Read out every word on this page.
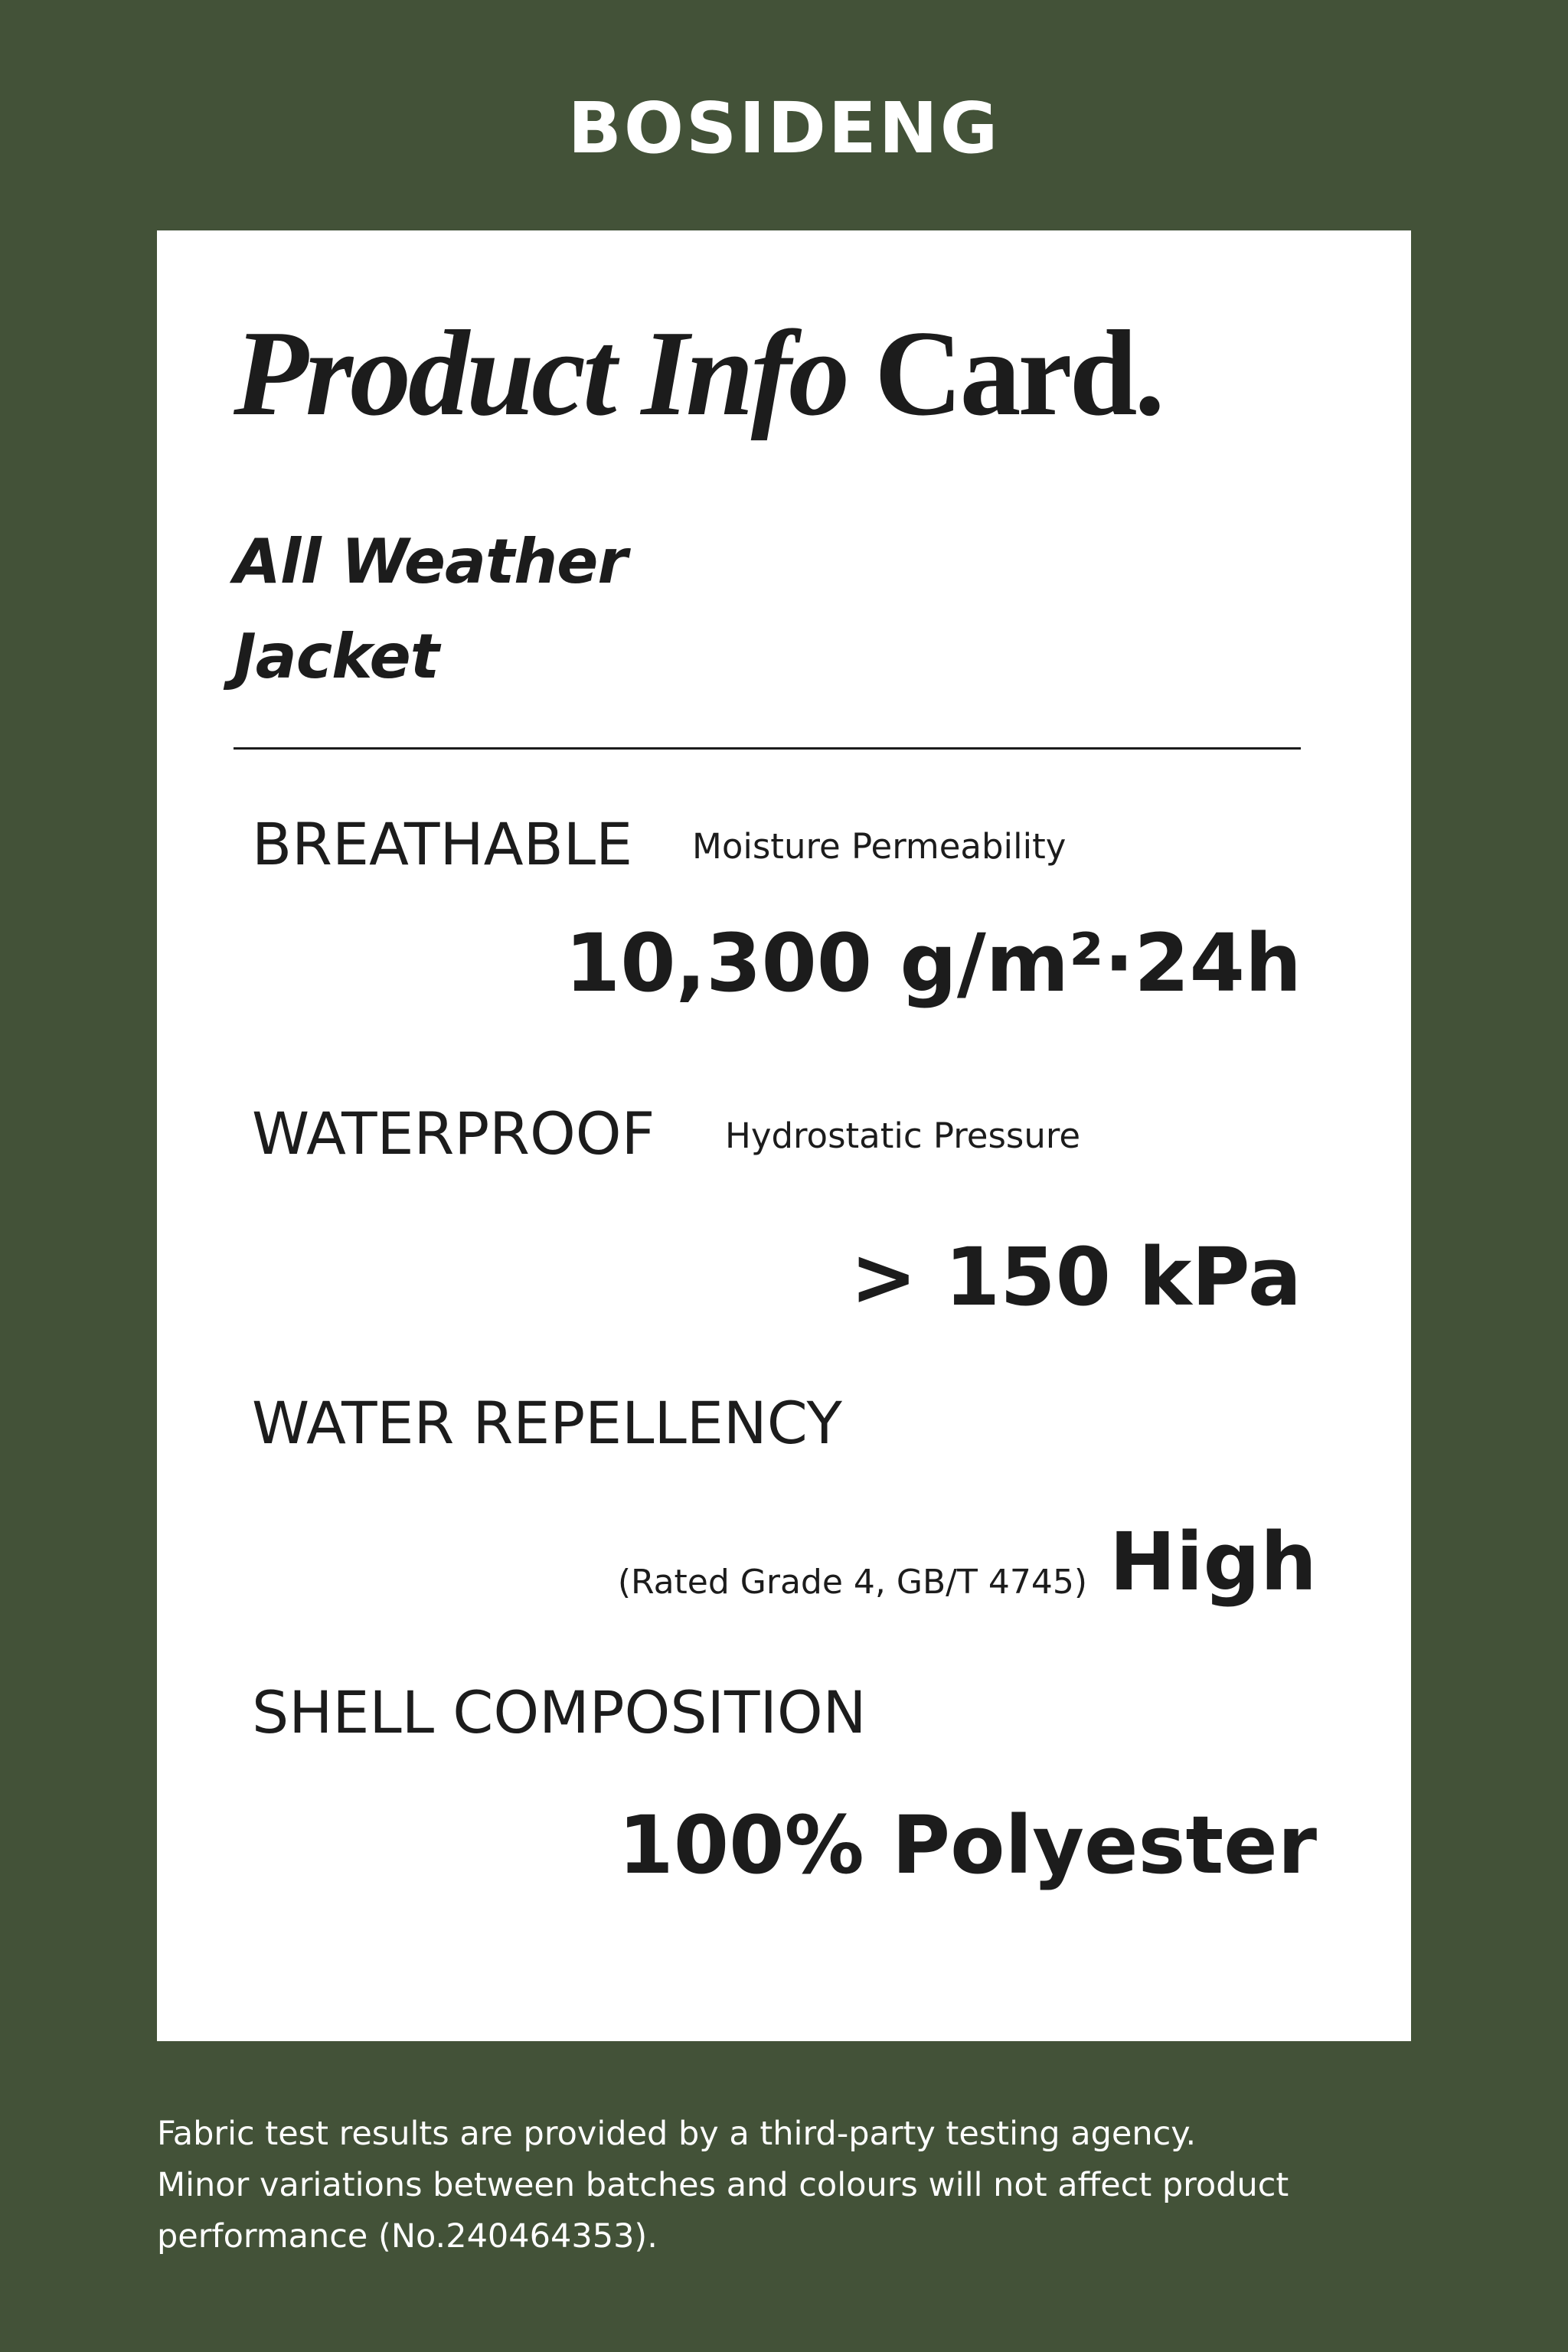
BOSIDENG
Product Info Card.
All Weather
Jacket
BREATHABLE Moisture Permeability
10,300 g/m²·24h
WATERPROOF Hydrostatic Pressure
> 150 kPa
WATER REPELLENCY
(Rated Grade 4, GB/T 4745) High
SHELL COMPOSITION
100% Polyester
Fabric test results are provided by a third-party testing agency.
Minor variations between batches and colours will not affect product
performance (No.240464353).
